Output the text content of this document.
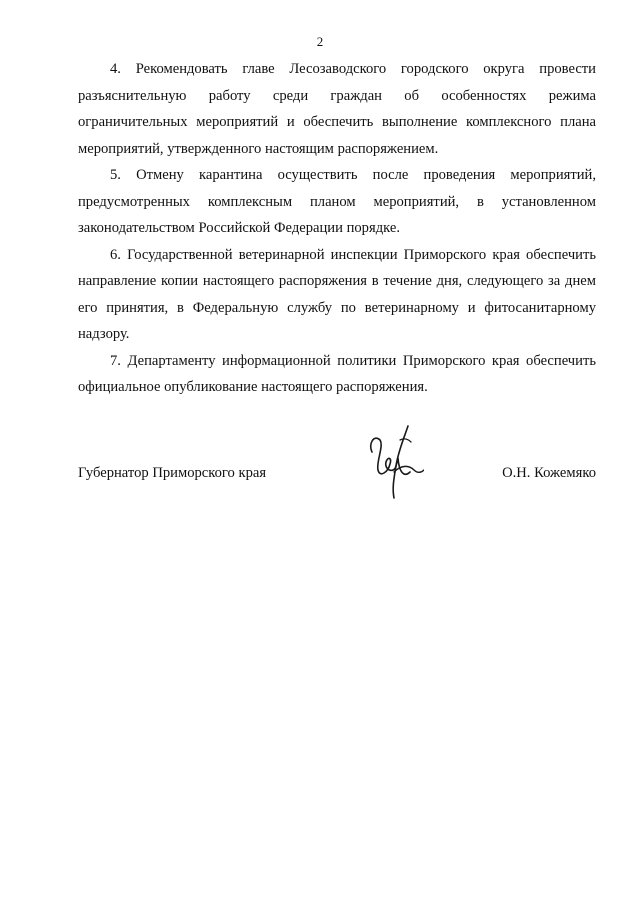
2

4. Рекомендовать главе Лесозаводского городского округа провести разъяснительную работу среди граждан об особенностях режима ограничительных мероприятий и обеспечить выполнение комплексного плана мероприятий, утвержденного настоящим распоряжением.

5. Отмену карантина осуществить после проведения мероприятий, предусмотренных комплексным планом мероприятий, в установленном законодательством Российской Федерации порядке.

6. Государственной ветеринарной инспекции Приморского края обеспечить направление копии настоящего распоряжения в течение дня, следующего за днем его принятия, в Федеральную службу по ветеринарному и фитосанитарному надзору.

7. Департаменту информационной политики Приморского края обеспечить официальное опубликование настоящего распоряжения.

Губернатор Приморского края	О.Н. Кожемяко
